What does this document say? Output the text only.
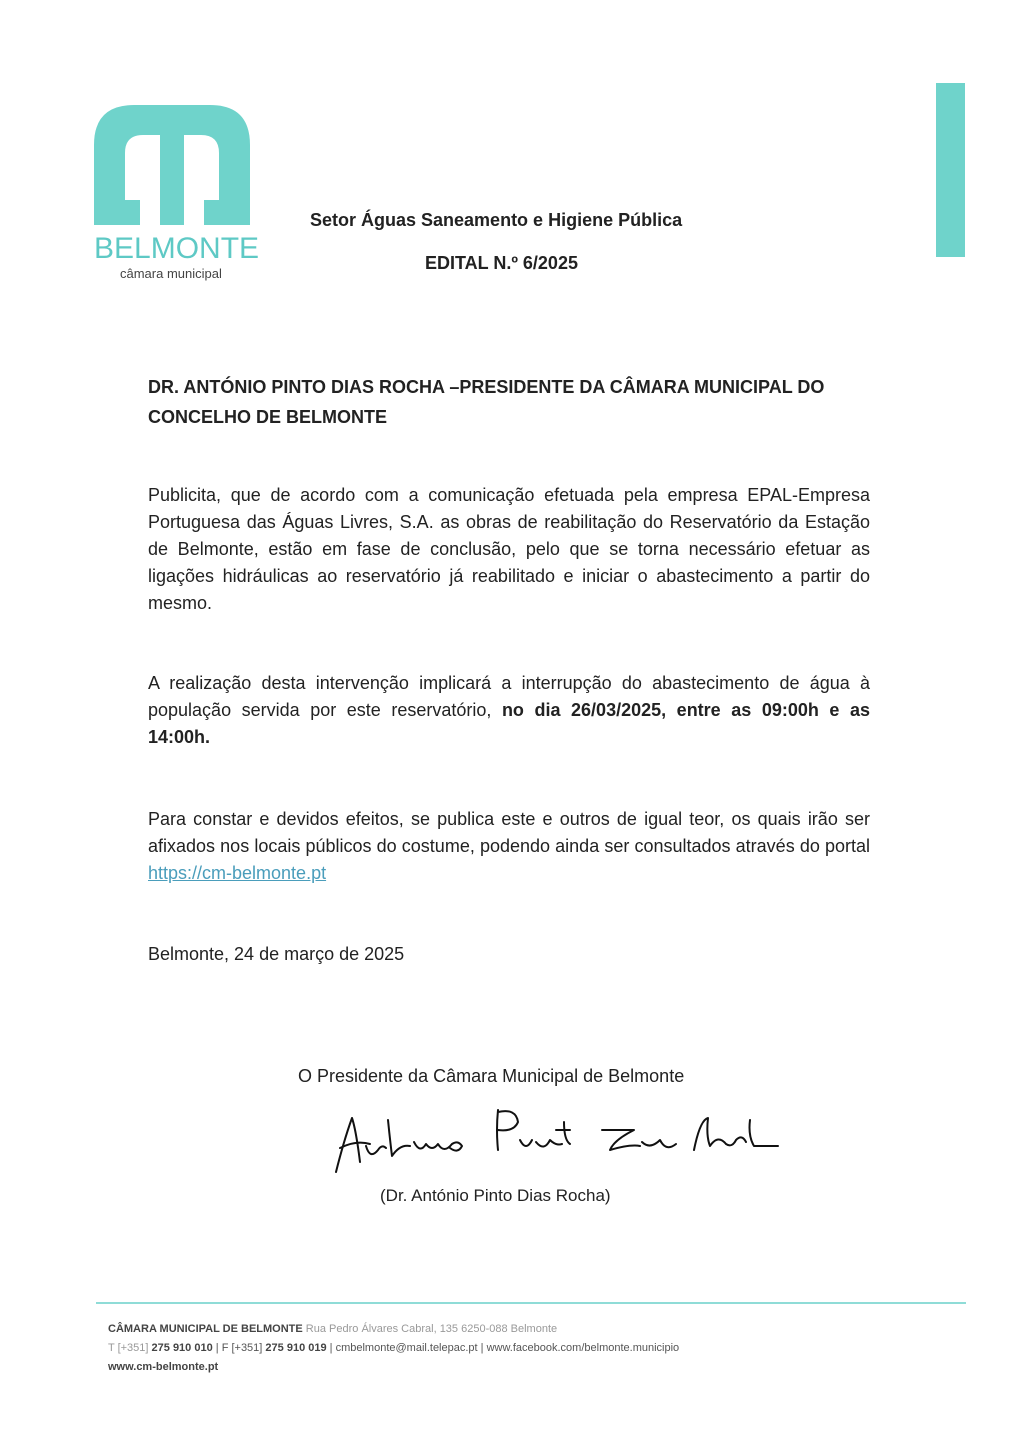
BELMONTE
câmara municipal
Setor Águas Saneamento e Higiene Pública
EDITAL N.º 6/2025
DR. ANTÓNIO PINTO DIAS ROCHA –PRESIDENTE DA CÂMARA MUNICIPAL DO CONCELHO DE BELMONTE
Publicita, que de acordo com a comunicação efetuada pela empresa EPAL-Empresa Portuguesa das Águas Livres, S.A. as obras de reabilitação do Reservatório da Estação de Belmonte, estão em fase de conclusão, pelo que se torna necessário efetuar as ligações hidráulicas ao reservatório já reabilitado e iniciar o abastecimento a partir do mesmo.
A realização desta intervenção implicará a interrupção do abastecimento de água à população servida por este reservatório, no dia 26/03/2025, entre as 09:00h e as 14:00h.
Para constar e devidos efeitos, se publica este e outros de igual teor, os quais irão ser afixados nos locais públicos do costume, podendo ainda ser consultados através do portal https://cm-belmonte.pt
Belmonte, 24 de março de 2025
O Presidente da Câmara Municipal de Belmonte
(Dr. António Pinto Dias Rocha)
CÂMARA MUNICIPAL DE BELMONTE Rua Pedro Álvares Cabral, 135 6250-088 Belmonte
T [+351] 275 910 010 | F [+351] 275 910 019 | cmbelmonte@mail.telepac.pt | www.facebook.com/belmonte.municipio
www.cm-belmonte.pt
